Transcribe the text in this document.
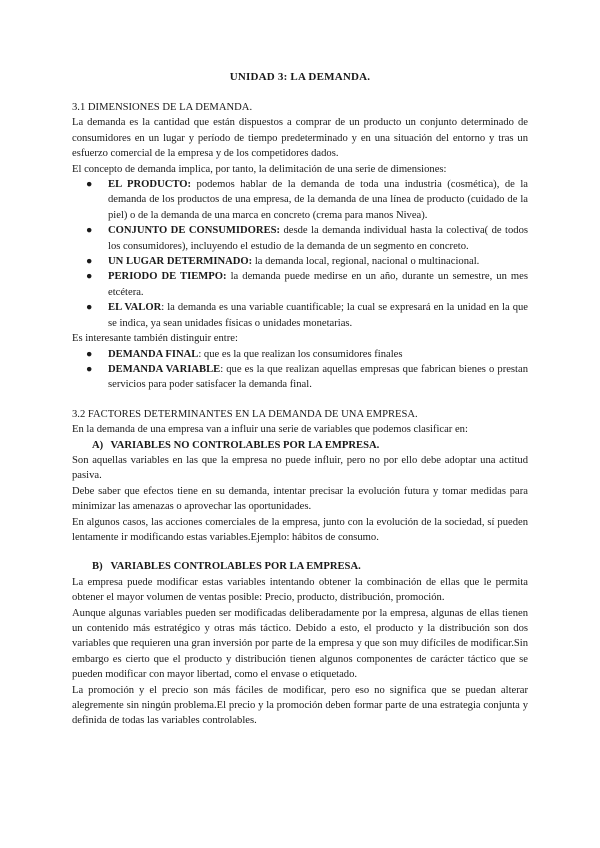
UNIDAD 3: LA DEMANDA.

3.1 DIMENSIONES DE LA DEMANDA.

La demanda es la cantidad que están dispuestos a comprar de un producto un conjunto determinado de consumidores en un lugar y período de tiempo predeterminado y en una situación del entorno y tras un esfuerzo comercial de la empresa y de los competidores dados.

El concepto de demanda implica, por tanto, la delimitación de una serie de dimensiones:

● EL PRODUCTO: podemos hablar de la demanda de toda una industria (cosmética), de la demanda de los productos de una empresa, de la demanda de una línea de producto (cuidado de la piel) o de la demanda de una marca en concreto (crema para manos Nivea).
● CONJUNTO DE CONSUMIDORES: desde la demanda individual hasta la colectiva( de todos los consumidores), incluyendo el estudio de la demanda de un segmento en concreto.
● UN LUGAR DETERMINADO: la demanda local, regional, nacional o multinacional.
● PERIODO DE TIEMPO: la demanda puede medirse en un año, durante un semestre, un mes etcétera.
● EL VALOR: la demanda es una variable cuantificable; la cual se expresará en la unidad en la que se indica, ya sean unidades físicas o unidades monetarias.

Es interesante también distinguir entre:

● DEMANDA FINAL: que es la que realizan los consumidores finales
● DEMANDA VARIABLE: que es la que realizan aquellas empresas que fabrican bienes o prestan servicios para poder satisfacer la demanda final.

3.2 FACTORES DETERMINANTES EN LA DEMANDA DE UNA EMPRESA.

En la demanda de una empresa van a influir una serie de variables que podemos clasificar en:

A) VARIABLES NO CONTROLABLES POR LA EMPRESA.

Son aquellas variables en las que la empresa no puede influir, pero no por ello debe adoptar una actitud pasiva.

Debe saber que efectos tiene en su demanda, intentar precisar la evolución futura y tomar medidas para minimizar las amenazas o aprovechar las oportunidades.

En algunos casos, las acciones comerciales de la empresa, junto con la evolución de la sociedad, sí pueden lentamente ir modificando estas variables.Ejemplo: hábitos de consumo.

B) VARIABLES CONTROLABLES POR LA EMPRESA.

La empresa puede modificar estas variables intentando obtener la combinación de ellas que le permita obtener el mayor volumen de ventas posible: Precio, producto, distribución, promoción.

Aunque algunas variables pueden ser modificadas deliberadamente por la empresa, algunas de ellas tienen un contenido más estratégico y otras más táctico. Debido a esto, el producto y la distribución son dos variables que requieren una gran inversión por parte de la empresa y que son muy difíciles de modificar.Sin embargo es cierto que el producto y distribución tienen algunos componentes de carácter táctico que se pueden modificar con mayor libertad, como el envase o etiquetado.

La promoción y el precio son más fáciles de modificar, pero eso no significa que se puedan alterar alegremente sin ningún problema.El precio y la promoción deben formar parte de una estrategia conjunta y definida de todas las variables controlables.
